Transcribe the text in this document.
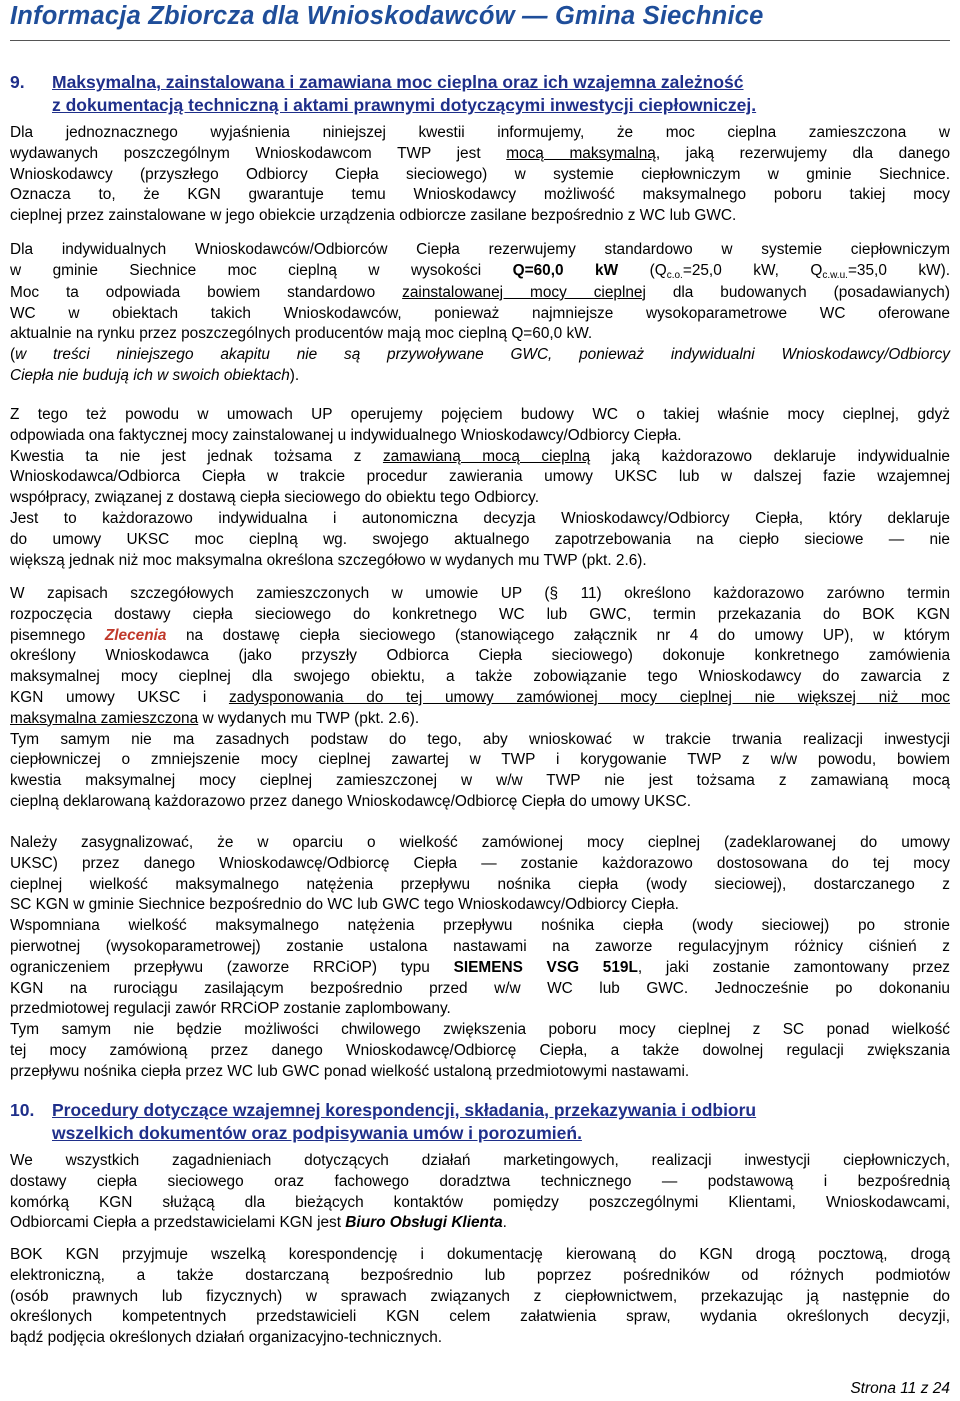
Informacja Zbiorcza dla Wnioskodawców — Gmina Siechnice
9. Maksymalna, zainstalowana i zamawiana moc cieplna oraz ich wzajemna zależność
z dokumentacją techniczną i aktami prawnymi dotyczącymi inwestycji ciepłowniczej.
Dla jednoznacznego wyjaśnienia niniejszej kwestii informujemy, że moc cieplna zamieszczona w
wydawanych poszczególnym Wnioskodawcom TWP jest mocą maksymalną, jaką rezerwujemy dla danego
Wnioskodawcy (przyszłego Odbiorcy Ciepła sieciowego) w systemie ciepłowniczym w gminie Siechnice.
Oznacza to, że KGN gwarantuje temu Wnioskodawcy możliwość maksymalnego poboru takiej mocy
cieplnej przez zainstalowane w jego obiekcie urządzenia odbiorcze zasilane bezpośrednio z WC lub GWC.
Dla indywidualnych Wnioskodawców/Odbiorców Ciepła rezerwujemy standardowo w systemie ciepłowniczym
w gminie Siechnice moc cieplną w wysokości Q=60,0 kW ($Q_{c.o.}=25,0$ kW, $Q_{c.w.u.}=35,0$ kW).
Moc ta odpowiada bowiem standardowo zainstalowanej mocy cieplnej dla budowanych (posadawianych)
WC w obiektach takich Wnioskodawców, ponieważ najmniejsze wysokoparametrowe WC oferowane
aktualnie na rynku przez poszczególnych producentów mają moc cieplną Q=60,0 kW.
(w treści niniejszego akapitu nie są przywoływane GWC, ponieważ indywidualni Wnioskodawcy/Odbiorcy
Ciepła nie budują ich w swoich obiektach).
Z tego też powodu w umowach UP operujemy pojęciem budowy WC o takiej właśnie mocy cieplnej, gdyż
odpowiada ona faktycznej mocy zainstalowanej u indywidualnego Wnioskodawcy/Odbiorcy Ciepła.
Kwestia ta nie jest jednak tożsama z zamawianą mocą cieplną jaką każdorazowo deklaruje indywidualnie
Wnioskodawca/Odbiorca Ciepła w trakcie procedur zawierania umowy UKSC lub w dalszej fazie wzajemnej
współpracy, związanej z dostawą ciepła sieciowego do obiektu tego Odbiorcy.
Jest to każdorazowo indywidualna i autonomiczna decyzja Wnioskodawcy/Odbiorcy Ciepła, który deklaruje
do umowy UKSC moc cieplną wg. swojego aktualnego zapotrzebowania na ciepło sieciowe — nie
większą jednak niż moc maksymalna określona szczegółowo w wydanych mu TWP (pkt. 2.6).
W zapisach szczegółowych zamieszczonych w umowie UP (§ 11) określono każdorazowo zarówno termin
rozpoczęcia dostawy ciepła sieciowego do konkretnego WC lub GWC, termin przekazania do BOK KGN
pisemnego Zlecenia na dostawę ciepła sieciowego (stanowiącego załącznik nr 4 do umowy UP), w którym
określony Wnioskodawca (jako przyszły Odbiorca Ciepła sieciowego) dokonuje konkretnego zamówienia
maksymalnej mocy cieplnej dla swojego obiektu, a także zobowiązanie tego Wnioskodawcy do zawarcia z
KGN umowy UKSC i zadysponowania do tej umowy zamówionej mocy cieplnej nie większej niż moc
maksymalna zamieszczona w wydanych mu TWP (pkt. 2.6).
Tym samym nie ma zasadnych podstaw do tego, aby wnioskować w trakcie trwania realizacji inwestycji
ciepłowniczej o zmniejszenie mocy cieplnej zawartej w TWP i korygowanie TWP z w/w powodu, bowiem
kwestia maksymalnej mocy cieplnej zamieszczonej w w/w TWP nie jest tożsama z zamawianą mocą
cieplną deklarowaną każdorazowo przez danego Wnioskodawcę/Odbiorcę Ciepła do umowy UKSC.
Należy zasygnalizować, że w oparciu o wielkość zamówionej mocy cieplnej (zadeklarowanej do umowy
UKSC) przez danego Wnioskodawcę/Odbiorcę Ciepła — zostanie każdorazowo dostosowana do tej mocy
cieplnej wielkość maksymalnego natężenia przepływu nośnika ciepła (wody sieciowej), dostarczanego z
SC KGN w gminie Siechnice bezpośrednio do WC lub GWC tego Wnioskodawcy/Odbiorcy Ciepła.
Wspomniana wielkość maksymalnego natężenia przepływu nośnika ciepła (wody sieciowej) po stronie
pierwotnej (wysokoparametrowej) zostanie ustalona nastawami na zaworze regulacyjnym różnicy ciśnień z
ograniczeniem przepływu (zaworze RRCiOP) typu SIEMENS VSG 519L, jaki zostanie zamontowany przez
KGN na rurociągu zasilającym bezpośrednio przed w/w WC lub GWC. Jednocześnie po dokonaniu
przedmiotowej regulacji zawór RRCiOP zostanie zaplombowany.
Tym samym nie będzie możliwości chwilowego zwiększenia poboru mocy cieplnej z SC ponad wielkość
tej mocy zamówioną przez danego Wnioskodawcę/Odbiorcę Ciepła, a także dowolnej regulacji zwiększania
przepływu nośnika ciepła przez WC lub GWC ponad wielkość ustaloną przedmiotowymi nastawami.
10. Procedury dotyczące wzajemnej korespondencji, składania, przekazywania i odbioru
wszelkich dokumentów oraz podpisywania umów i porozumień.
We wszystkich zagadnieniach dotyczących działań marketingowych, realizacji inwestycji ciepłowniczych,
dostawy ciepła sieciowego oraz fachowego doradztwa technicznego — podstawową i bezpośrednią
komórką KGN służącą dla bieżących kontaktów pomiędzy poszczególnymi Klientami, Wnioskodawcami,
Odbiorcami Ciepła a przedstawicielami KGN jest Biuro Obsługi Klienta.
BOK KGN przyjmuje wszelką korespondencję i dokumentację kierowaną do KGN drogą pocztową, drogą
elektroniczną, a także dostarczaną bezpośrednio lub poprzez pośredników od różnych podmiotów
(osób prawnych lub fizycznych) w sprawach związanych z ciepłownictwem, przekazując ją następnie do
określonych kompetentnych przedstawicieli KGN celem załatwienia spraw, wydania określonych decyzji,
bądź podjęcia określonych działań organizacyjno-technicznych.
Strona 11 z 24
